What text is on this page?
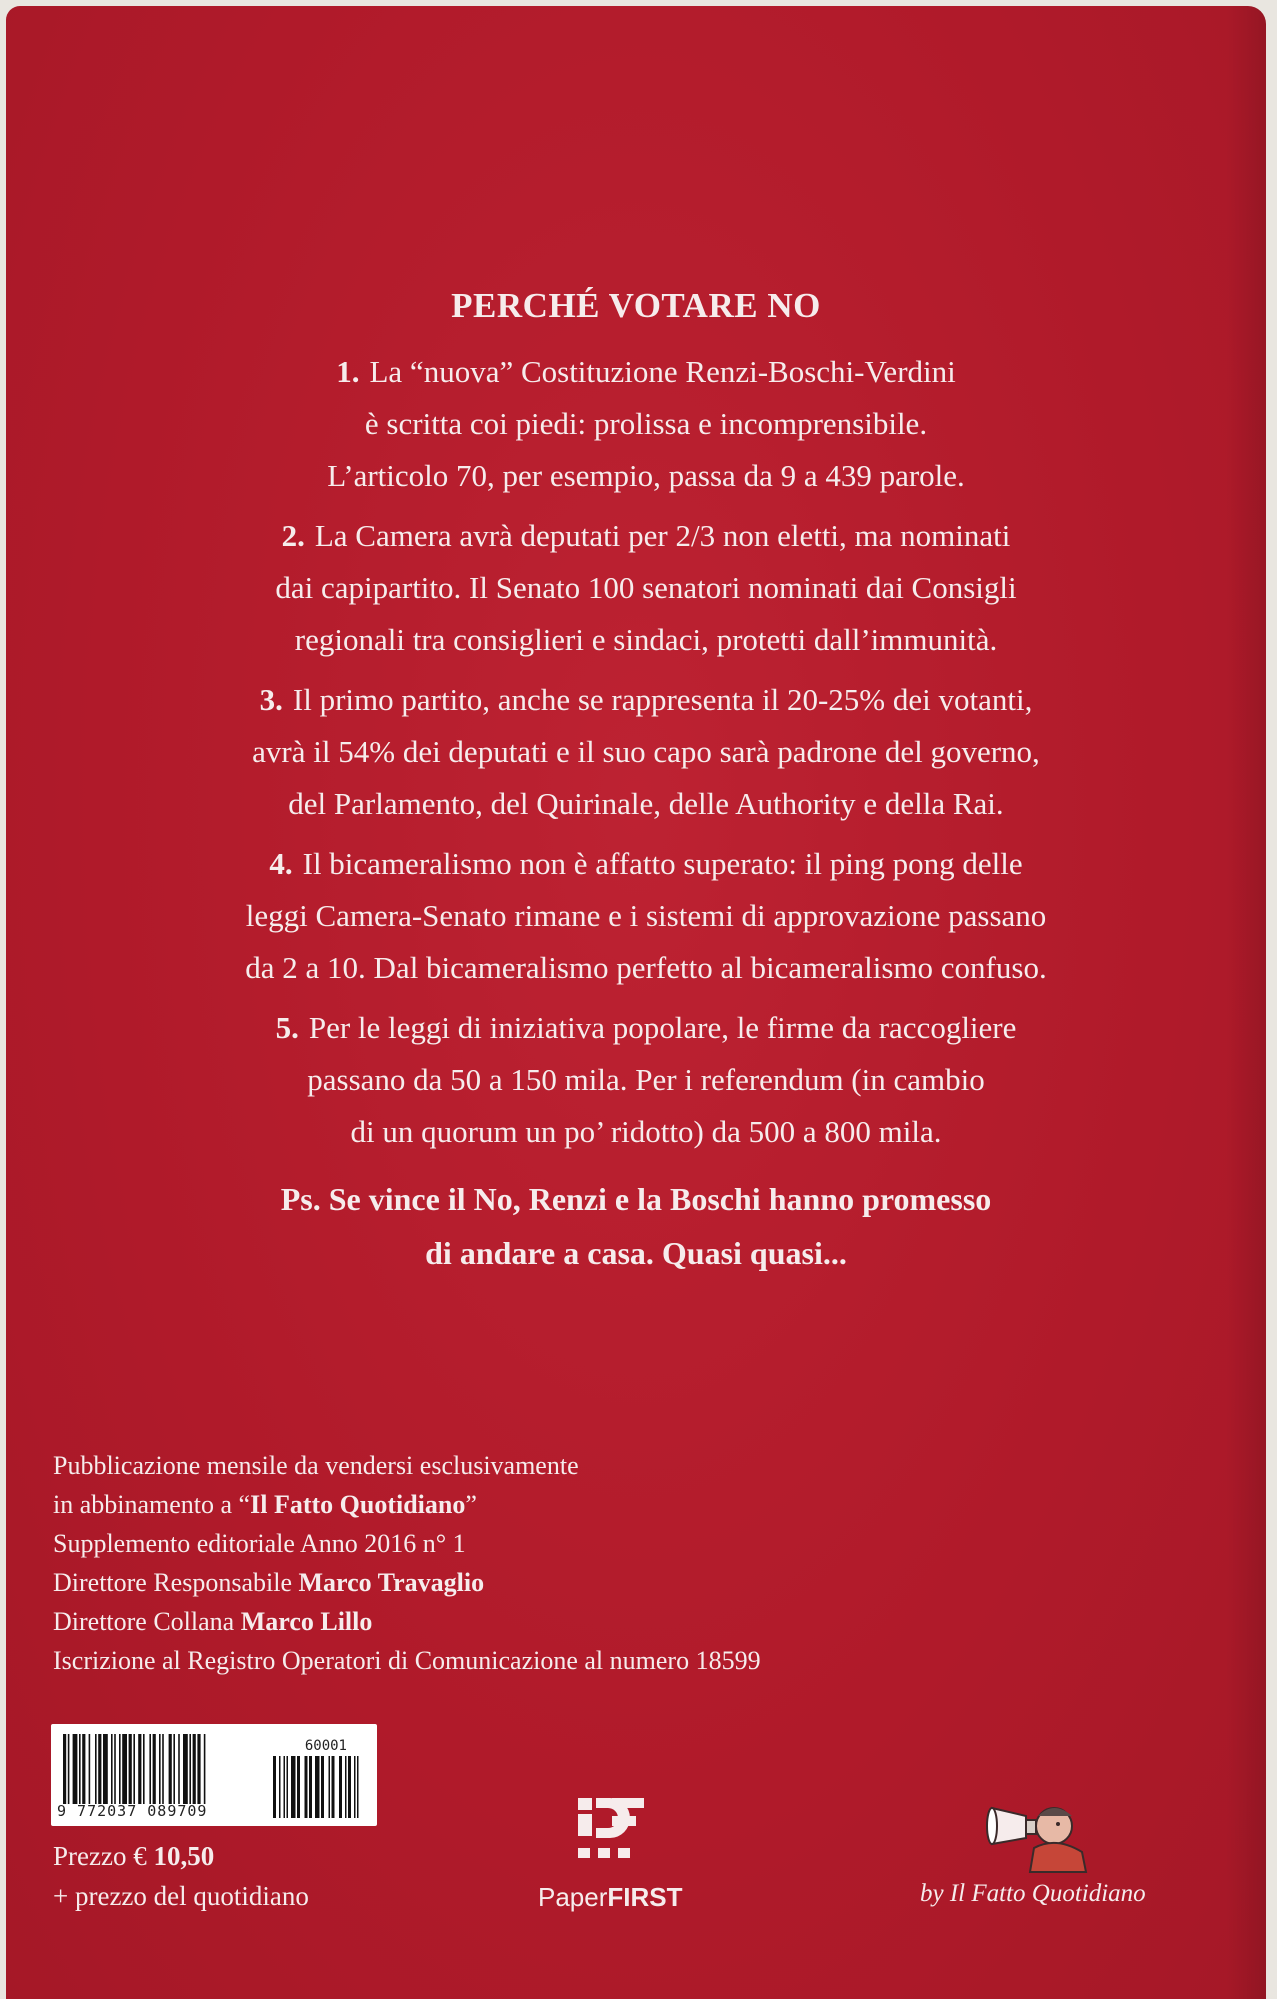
PERCHÉ VOTARE NO
1. La “nuova” Costituzione Renzi-Boschi-Verdini
è scritta coi piedi: prolissa e incomprensibile.
L’articolo 70, per esempio, passa da 9 a 439 parole.
2. La Camera avrà deputati per 2/3 non eletti, ma nominati
dai capipartito. Il Senato 100 senatori nominati dai Consigli
regionali tra consiglieri e sindaci, protetti dall’immunità.
3. Il primo partito, anche se rappresenta il 20-25% dei votanti,
avrà il 54% dei deputati e il suo capo sarà padrone del governo,
del Parlamento, del Quirinale, delle Authority e della Rai.
4. Il bicameralismo non è affatto superato: il ping pong delle
leggi Camera-Senato rimane e i sistemi di approvazione passano
da 2 a 10. Dal bicameralismo perfetto al bicameralismo confuso.
5. Per le leggi di iniziativa popolare, le firme da raccogliere
passano da 50 a 150 mila. Per i referendum (in cambio
di un quorum un po’ ridotto) da 500 a 800 mila.
Ps. Se vince il No, Renzi e la Boschi hanno promesso
di andare a casa. Quasi quasi...
Pubblicazione mensile da vendersi esclusivamente
in abbinamento a “Il Fatto Quotidiano”
Supplemento editoriale Anno 2016 n° 1
Direttore Responsabile Marco Travaglio
Direttore Collana Marco Lillo
Iscrizione al Registro Operatori di Comunicazione al numero 18599
60001
9 772037 089709
Prezzo € 10,50
+ prezzo del quotidiano	PaperFIRST	by Il Fatto Quotidiano
